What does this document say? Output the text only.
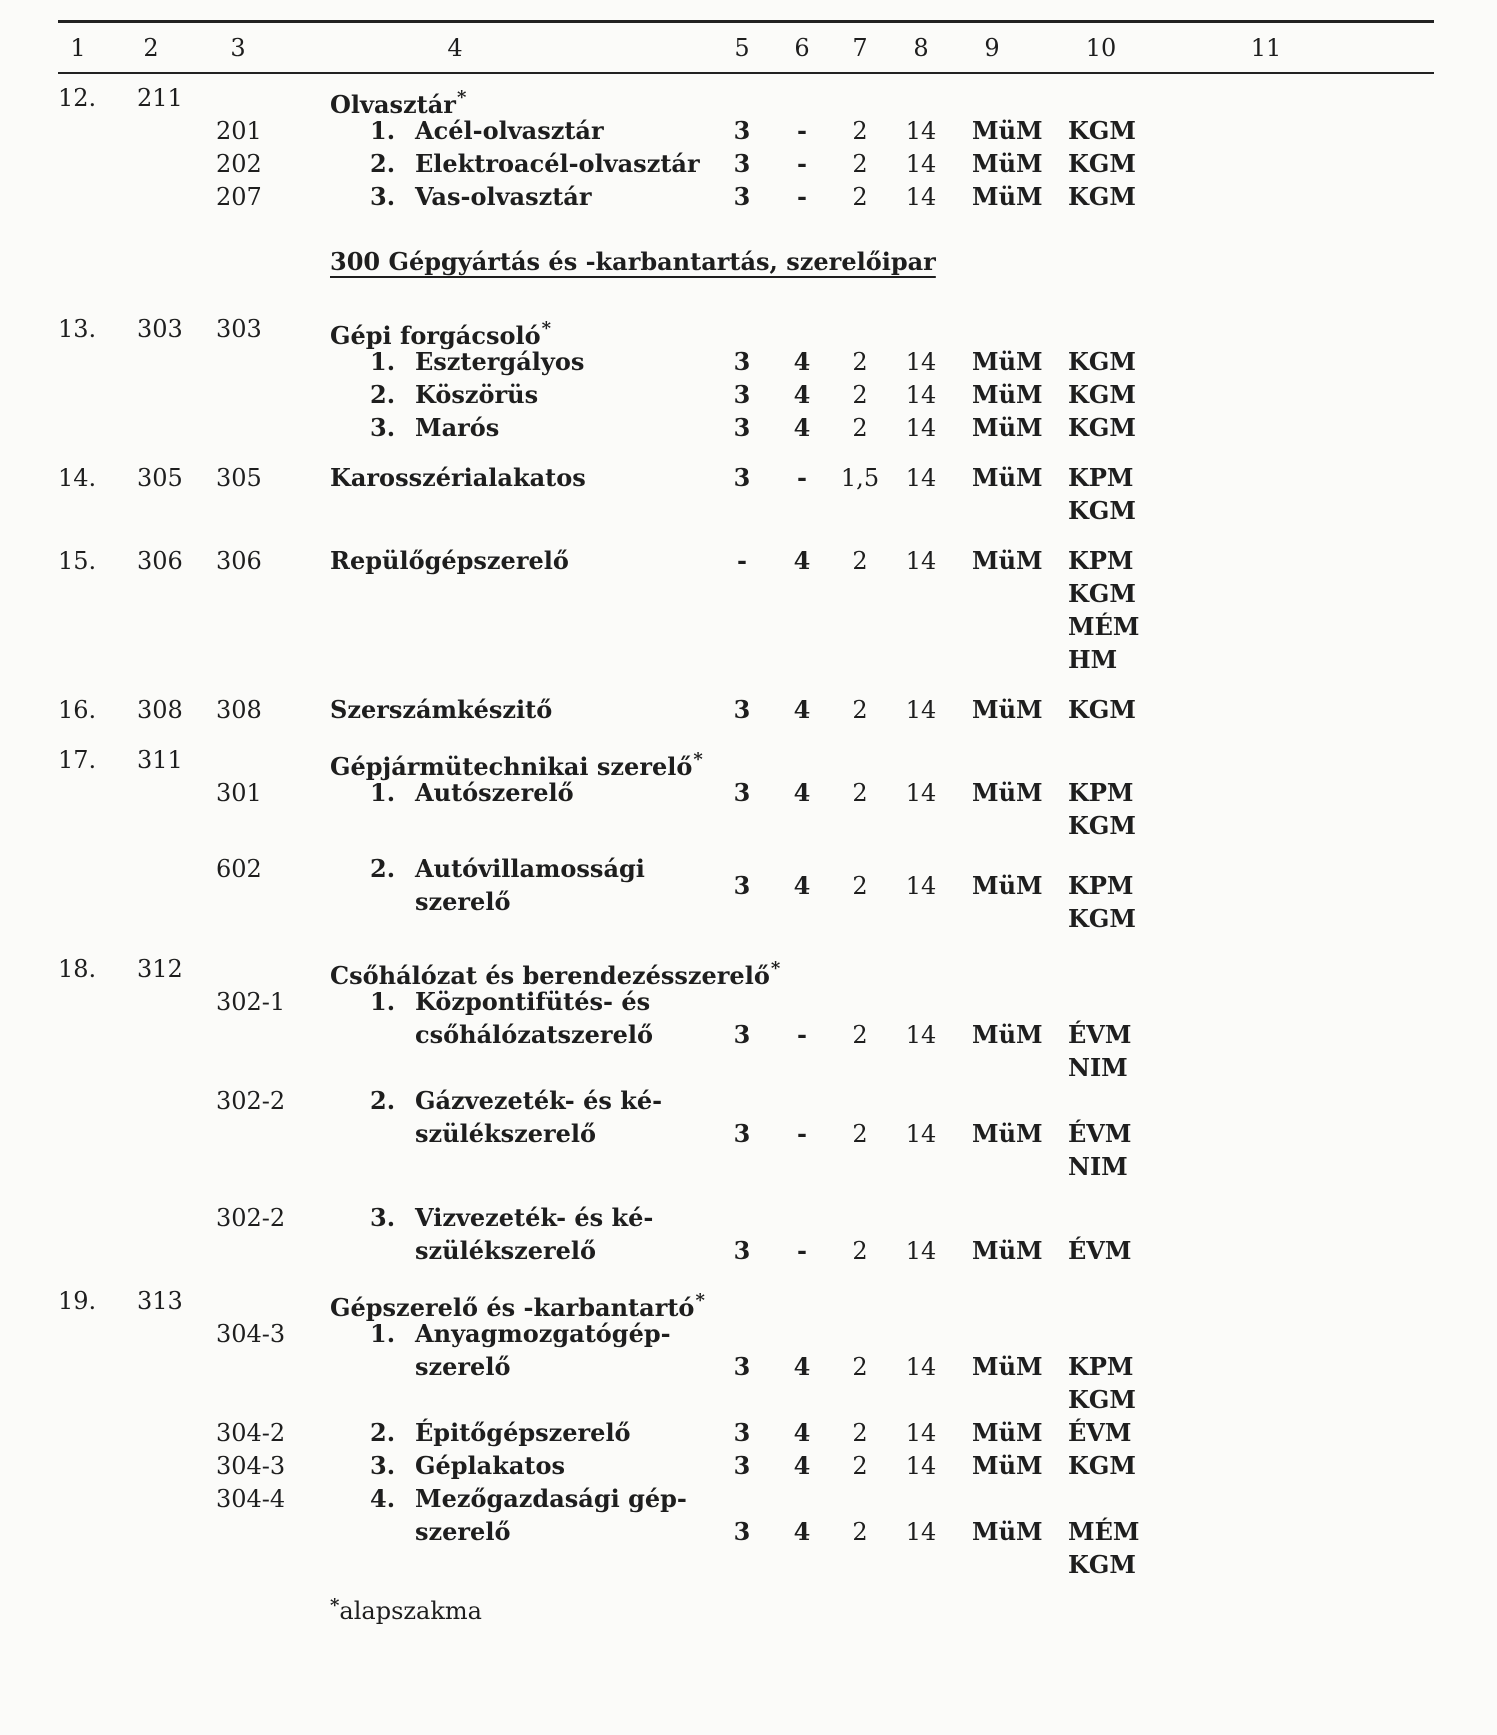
1 2	3	4	5 6 7 8 9	10	11
12. 211	Olvasztár*
201	1. Acél-olvasztár	3 - 2 14 MüM KGM
202	2. Elektroacél-olvasztár 3 - 2 14 MüM KGM
207	3. Vas-olvasztár	3 - 2 14 MüM KGM
300 Gépgyártás és -karbantartás, szerelőipar
13. 303 303	Gépi forgácsoló*
1. Esztergályos	3 4 2 14 MüM KGM
2. Köszörüs	3 4 2 14 MüM KGM
3. Marós	3 4 2 14 MüM KGM
14. 305 305	Karosszérialakatos	3 - 1,5 14 MüM KPM
KGM
15. 306 306	Repülőgépszerelő	- 4 2 14 MüM KPM
KGM
MÉM
HM
16. 308 308	Szerszámkészitő	3 4 2 14 MüM KGM
17. 311	Gépjármütechnikai szerelő*
301	1. Autószerelő	3 4 2 14 MüM KPM
KGM
602	2. Autóvillamossági
szerelő
3 4 2 14 MüM KPM
KGM
18. 312	Csőhálózat és berendezésszerelő*
302-1	1. Központifütés- és
csőhálózatszerelő	3 - 2 14 MüM ÉVM
NIM
302-2	2. Gázvezeték- és ké-
szülékszerelő	3 - 2 14 MüM ÉVM
NIM
302-2	3. Vizvezeték- és ké-
szülékszerelő	3 - 2 14 MüM ÉVM
19. 313	Gépszerelő és -karbantartó*
304-3	1. Anyagmozgatógép-
szerelő	3 4 2 14 MüM KPM
KGM
304-2	2. Épitőgépszerelő	3 4 2 14 MüM ÉVM
304-3	3. Géplakatos	3 4 2 14 MüM KGM
304-4	4. Mezőgazdasági gép-
szerelő	3 4 2 14 MüM MÉM
KGM
*alapszakma
